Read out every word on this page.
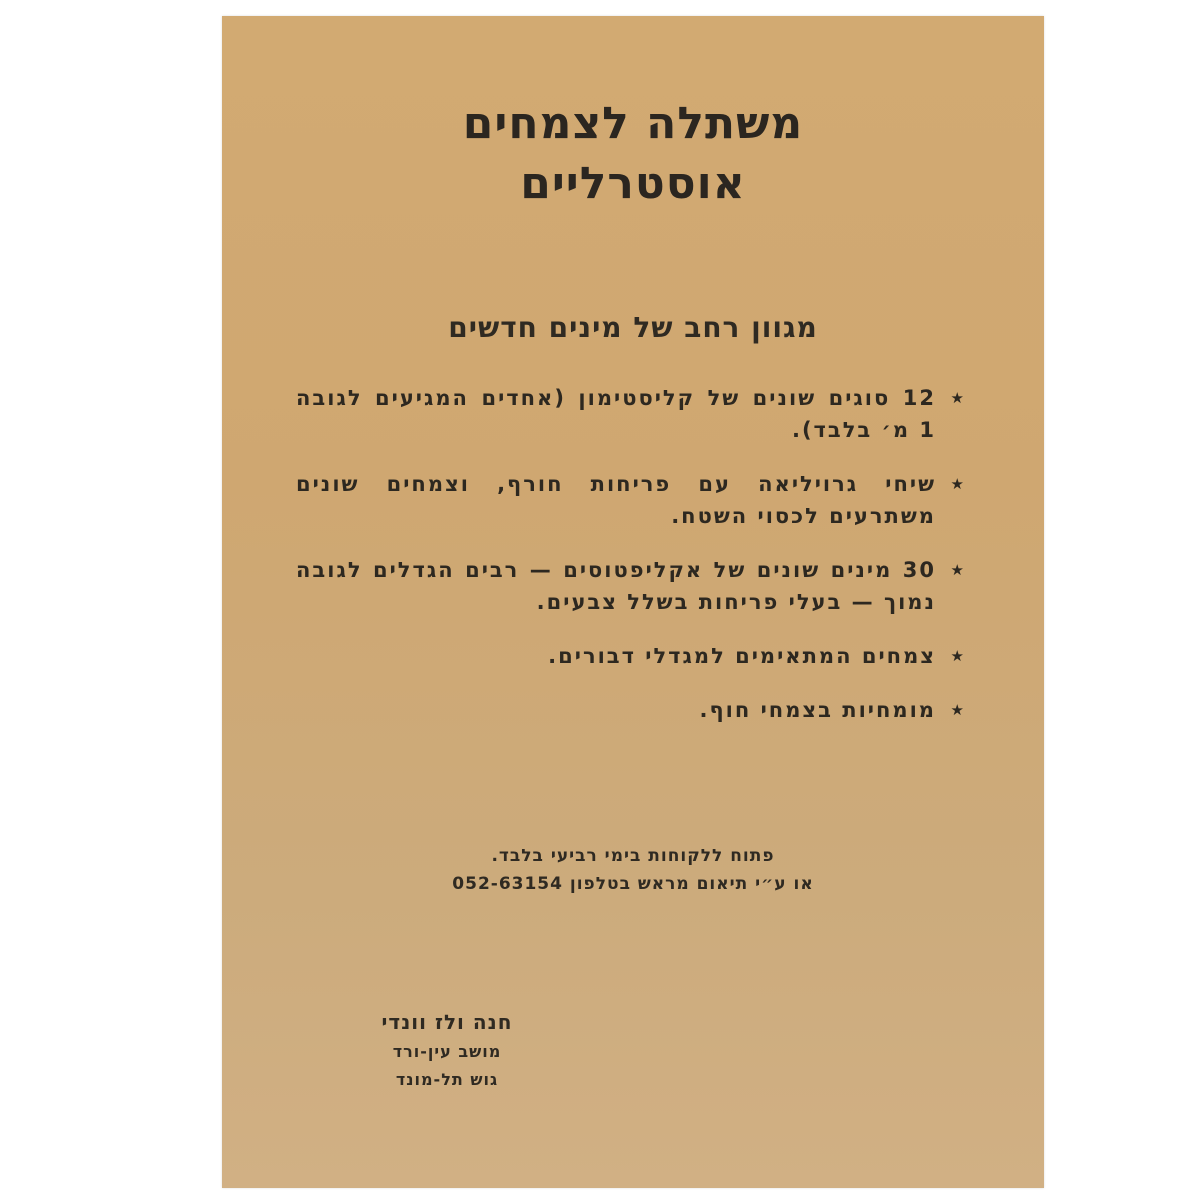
משתלה לצמחים
אוסטרליים
מגוון רחב של מינים חדשים
★
12 סוגים שונים של קליסטימון (אחדים המגיעים לגובה 1 מ׳ בלבד).
★
שיחי גרויליאה עם פריחות חורף, וצמחים שונים משתרעים לכסוי השטח.
★
30 מינים שונים של אקליפטוסים — רבים הגדלים לגובה נמוך — בעלי פריחות בשלל צבעים.
★
צמחים המתאימים למגדלי דבורים.
★
מומחיות בצמחי חוף.
פתוח ללקוחות בימי רביעי בלבד.
או ע״י תיאום מראש בטלפון 052-63154
חנה ולז וונדי
מושב עין-ורד
גוש תל-מונד
